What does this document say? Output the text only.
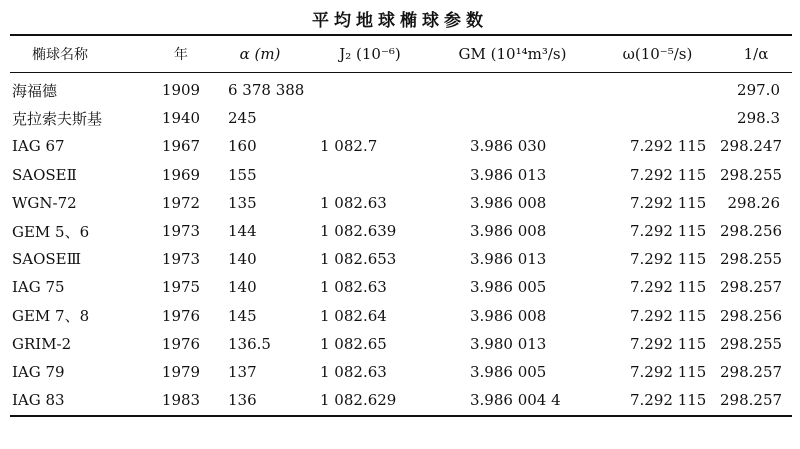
平均地球椭球参数
椭球名称	年	α (m)	J₂ (10⁻⁶)	GM (10¹⁴m³/s)	ω(10⁻⁵/s)	1/α
海福德	1909	6 378 388				297.0
克拉索夫斯基	1940	245				298.3
IAG 67	1967	160	1 082.7	3.986 030	7.292 115	298.247
SAOSEⅡ	1969	155		3.986 013	7.292 115	298.255
WGN-72	1972	135	1 082.63	3.986 008	7.292 115	298.26
GEM 5、6	1973	144	1 082.639	3.986 008	7.292 115	298.256
SAOSEⅢ	1973	140	1 082.653	3.986 013	7.292 115	298.255
IAG 75	1975	140	1 082.63	3.986 005	7.292 115	298.257
GEM 7、8	1976	145	1 082.64	3.986 008	7.292 115	298.256
GRIM-2	1976	136.5	1 082.65	3.980 013	7.292 115	298.255
IAG 79	1979	137	1 082.63	3.986 005	7.292 115	298.257
IAG 83	1983	136	1 082.629	3.986 004 4	7.292 115	298.257
